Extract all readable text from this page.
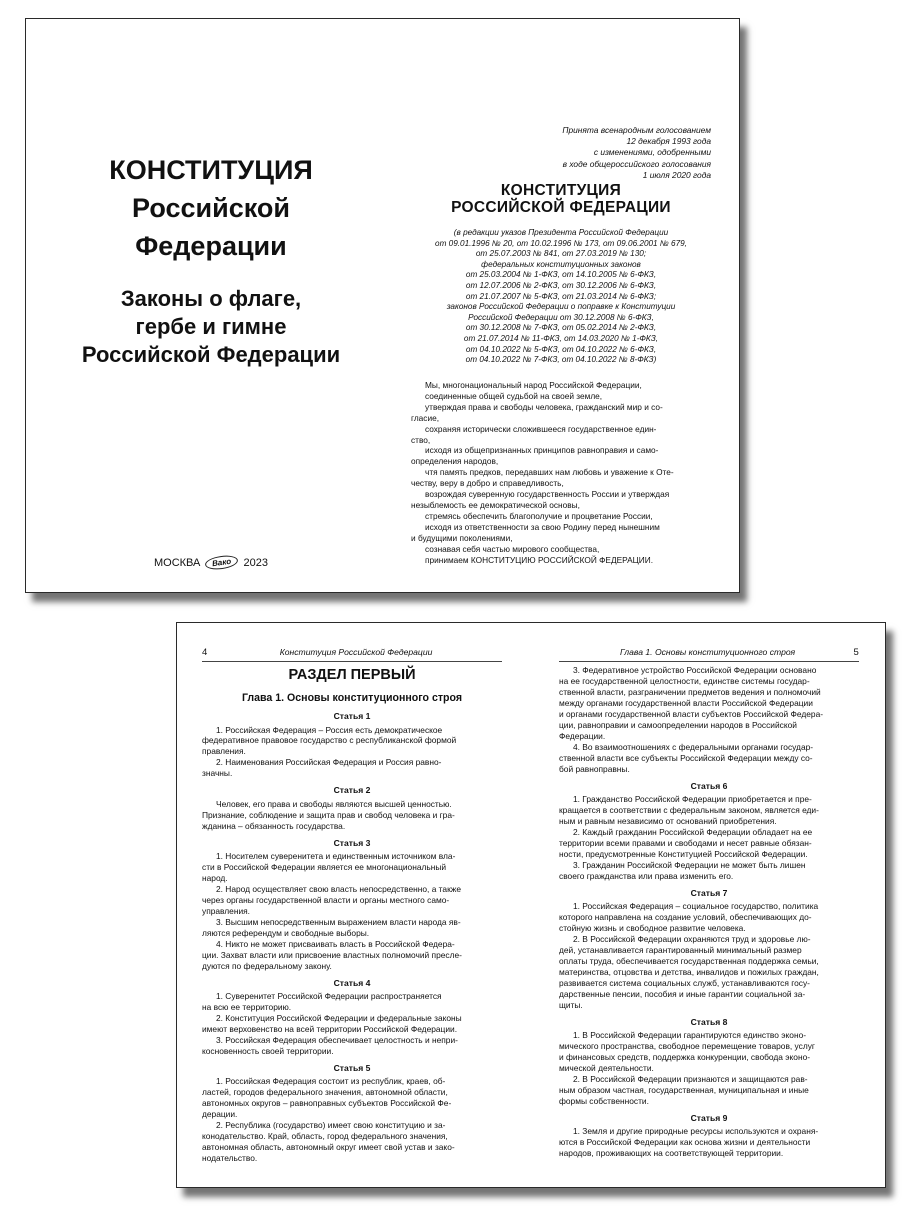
КОНСТИТУЦИЯ
Российской
Федерации
Законы о флаге,
гербе и гимне
Российской Федерации
МОСКВА	Вако	2023
Принята всенародным голосованием
12 декабря 1993 года
с изменениями, одобренными
в ходе общероссийского голосования
1 июля 2020 года
КОНСТИТУЦИЯ
РОССИЙСКОЙ ФЕДЕРАЦИИ
(в редакции указов Президента Российской Федерации
от 09.01.1996 № 20, от 10.02.1996 № 173, от 09.06.2001 № 679,
от 25.07.2003 № 841, от 27.03.2019 № 130;
федеральных конституционных законов
от 25.03.2004 № 1-ФКЗ, от 14.10.2005 № 6-ФКЗ,
от 12.07.2006 № 2-ФКЗ, от 30.12.2006 № 6-ФКЗ,
от 21.07.2007 № 5-ФКЗ, от 21.03.2014 № 6-ФКЗ;
законов Российской Федерации о поправке к Конституции
Российской Федерации от 30.12.2008 № 6-ФКЗ,
от 30.12.2008 № 7-ФКЗ, от 05.02.2014 № 2-ФКЗ,
от 21.07.2014 № 11-ФКЗ, от 14.03.2020 № 1-ФКЗ,
от 04.10.2022 № 5-ФКЗ, от 04.10.2022 № 6-ФКЗ,
от 04.10.2022 № 7-ФКЗ, от 04.10.2022 № 8-ФКЗ)
Мы, многонациональный народ Российской Федерации,
соединенные общей судьбой на своей земле,
утверждая права и свободы человека, гражданский мир и со-
гласие,
сохраняя исторически сложившееся государственное един-
ство,
исходя из общепризнанных принципов равноправия и само-
определения народов,
чтя память предков, передавших нам любовь и уважение к Оте-
честву, веру в добро и справедливость,
возрождая суверенную государственность России и утверждая
незыблемость ее демократической основы,
стремясь обеспечить благополучие и процветание России,
исходя из ответственности за свою Родину перед нынешним
и будущими поколениями,
сознавая себя частью мирового сообщества,
принимаем КОНСТИТУЦИЮ РОССИЙСКОЙ ФЕДЕРАЦИИ.
4	Конституция Российской Федерации	Глава 1. Основы конституционного строя	5
РАЗДЕЛ ПЕРВЫЙ
Глава 1. Основы конституционного строя
Статья 1
1. Российская Федерация – Россия есть демократическое
федеративное правовое государство с республиканской формой
правления.
2. Наименования Российская Федерация и Россия равно-
значны.
Статья 2
Человек, его права и свободы являются высшей ценностью.
Признание, соблюдение и защита прав и свобод человека и гра-
жданина – обязанность государства.
Статья 3
1. Носителем суверенитета и единственным источником вла-
сти в Российской Федерации является ее многонациональный
народ.
2. Народ осуществляет свою власть непосредственно, а также
через органы государственной власти и органы местного само-
управления.
3. Высшим непосредственным выражением власти народа яв-
ляются референдум и свободные выборы.
4. Никто не может присваивать власть в Российской Федера-
ции. Захват власти или присвоение властных полномочий пресле-
дуются по федеральному закону.
Статья 4
1. Суверенитет Российской Федерации распространяется
на всю ее территорию.
2. Конституция Российской Федерации и федеральные законы
имеют верховенство на всей территории Российской Федерации.
3. Российская Федерация обеспечивает целостность и непри-
косновенность своей территории.
Статья 5
1. Российская Федерация состоит из республик, краев, об-
ластей, городов федерального значения, автономной области,
автономных округов – равноправных субъектов Российской Фе-
дерации.
2. Республика (государство) имеет свою конституцию и за-
конодательство. Край, область, город федерального значения,
автономная область, автономный округ имеет свой устав и зако-
нодательство.
3. Федеративное устройство Российской Федерации основано
на ее государственной целостности, единстве системы государ-
ственной власти, разграничении предметов ведения и полномочий
между органами государственной власти Российской Федерации
и органами государственной власти субъектов Российской Федера-
ции, равноправии и самоопределении народов в Российской
Федерации.
4. Во взаимоотношениях с федеральными органами государ-
ственной власти все субъекты Российской Федерации между со-
бой равноправны.
Статья 6
1. Гражданство Российской Федерации приобретается и пре-
кращается в соответствии с федеральным законом, является еди-
ным и равным независимо от оснований приобретения.
2. Каждый гражданин Российской Федерации обладает на ее
территории всеми правами и свободами и несет равные обязан-
ности, предусмотренные Конституцией Российской Федерации.
3. Гражданин Российской Федерации не может быть лишен
своего гражданства или права изменить его.
Статья 7
1. Российская Федерация – социальное государство, политика
которого направлена на создание условий, обеспечивающих до-
стойную жизнь и свободное развитие человека.
2. В Российской Федерации охраняются труд и здоровье лю-
дей, устанавливается гарантированный минимальный размер
оплаты труда, обеспечивается государственная поддержка семьи,
материнства, отцовства и детства, инвалидов и пожилых граждан,
развивается система социальных служб, устанавливаются госу-
дарственные пенсии, пособия и иные гарантии социальной за-
щиты.
Статья 8
1. В Российской Федерации гарантируются единство эконо-
мического пространства, свободное перемещение товаров, услуг
и финансовых средств, поддержка конкуренции, свобода эконо-
мической деятельности.
2. В Российской Федерации признаются и защищаются рав-
ным образом частная, государственная, муниципальная и иные
формы собственности.
Статья 9
1. Земля и другие природные ресурсы используются и охраня-
ются в Российской Федерации как основа жизни и деятельности
народов, проживающих на соответствующей территории.
